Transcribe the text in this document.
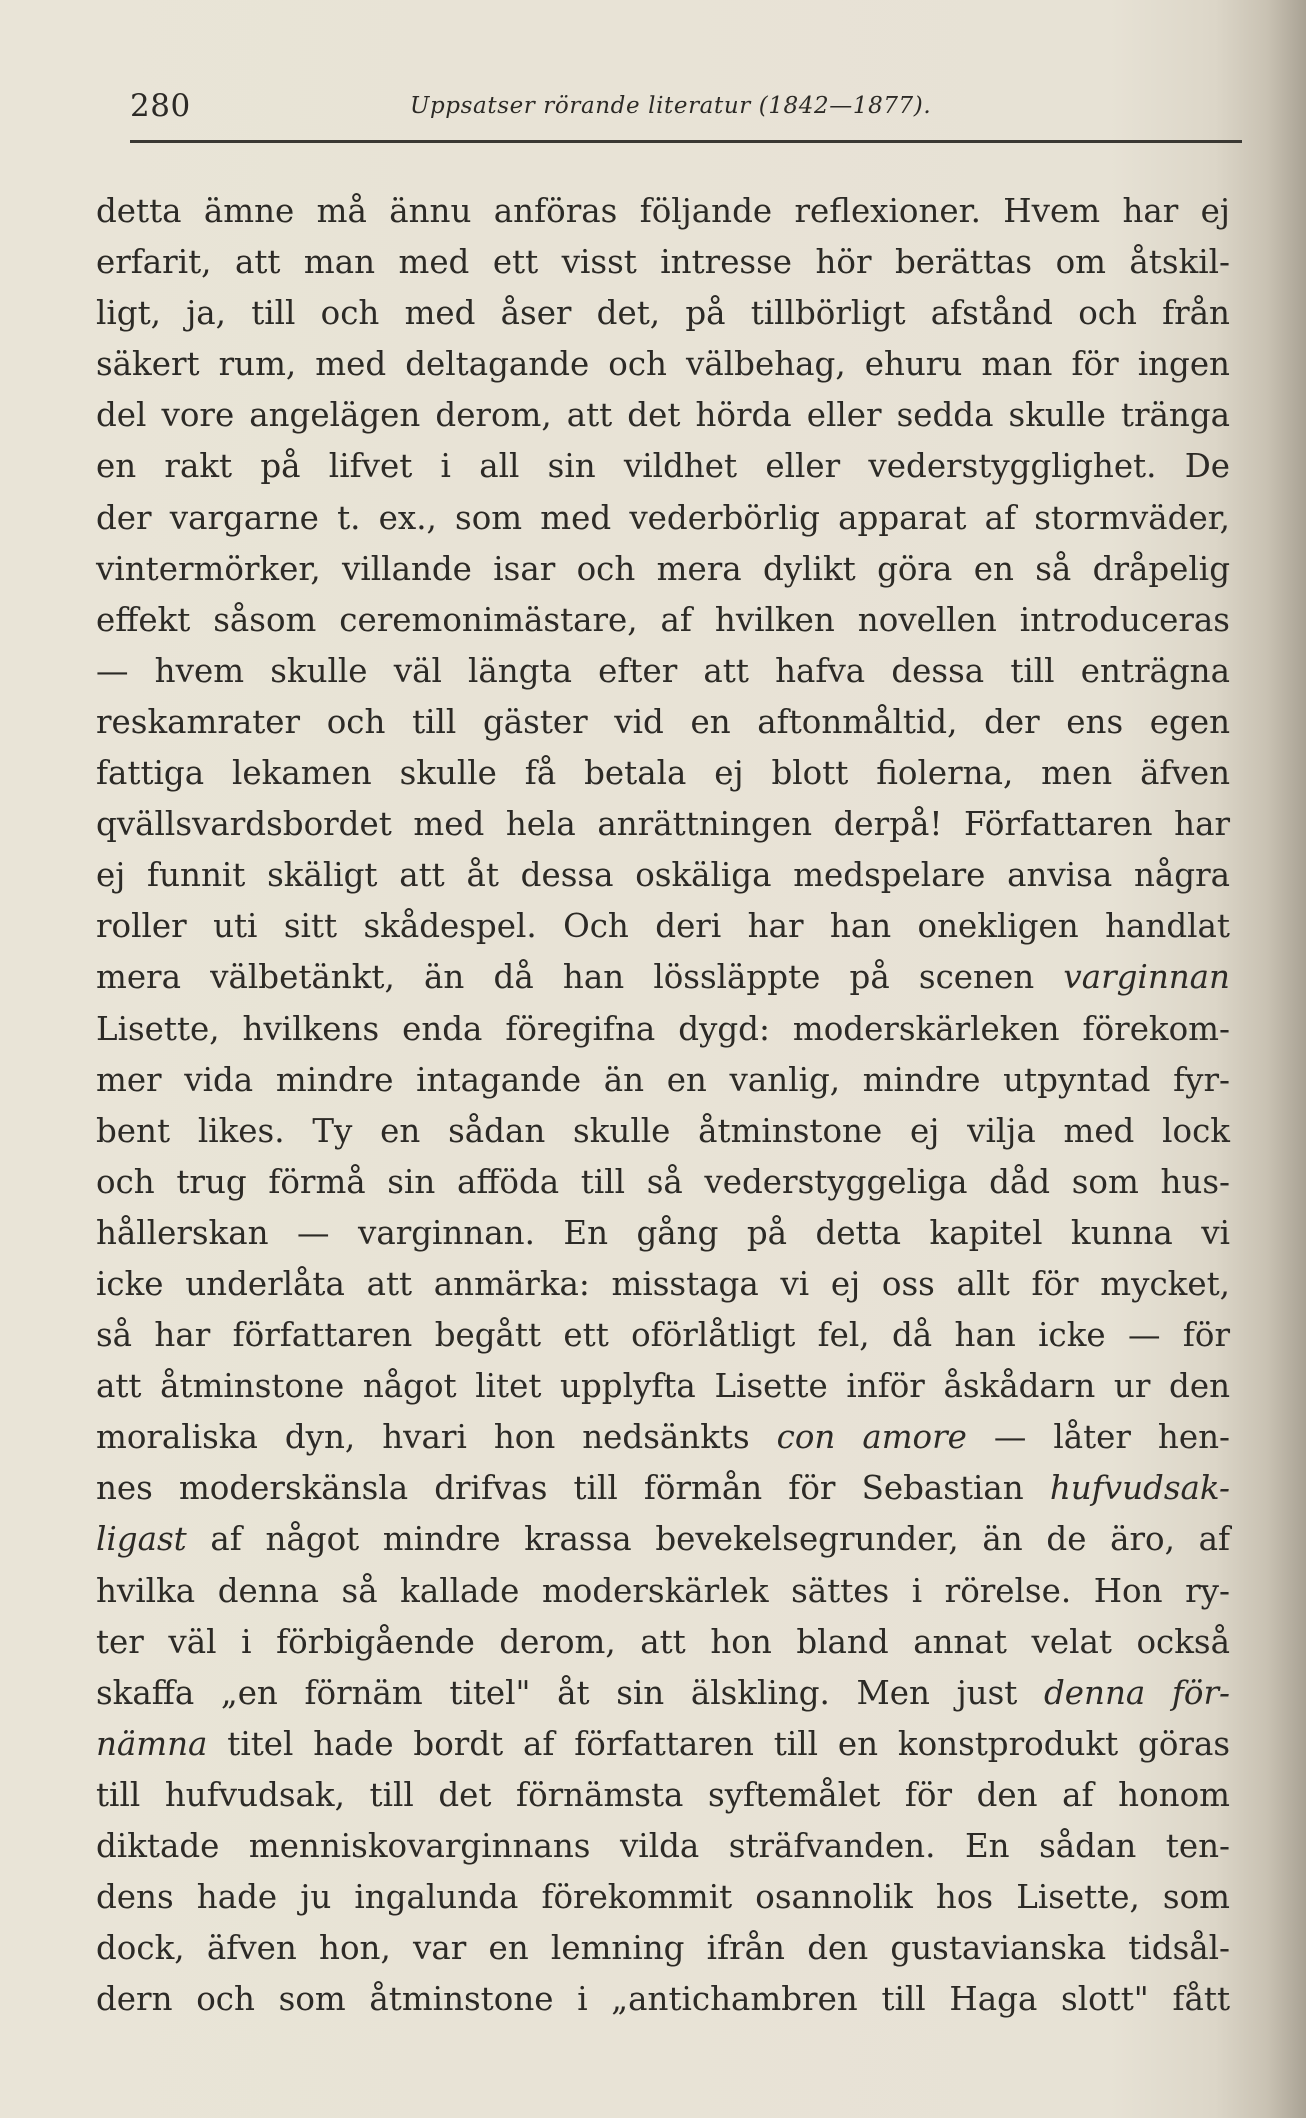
280	Uppsatser rörande literatur (1842—1877).
detta ämne må ännu anföras följande reflexioner. Hvem har ej
erfarit, att man med ett visst intresse hör berättas om åtskil-
ligt, ja, till och med åser det, på tillbörligt afstånd och från
säkert rum, med deltagande och välbehag, ehuru man för ingen
del vore angelägen derom, att det hörda eller sedda skulle tränga
en rakt på lifvet i all sin vildhet eller vederstygglighet. De
der vargarne t. ex., som med vederbörlig apparat af stormväder,
vintermörker, villande isar och mera dylikt göra en så dråpelig
effekt såsom ceremonimästare, af hvilken novellen introduceras
— hvem skulle väl längta efter att hafva dessa till enträgna
reskamrater och till gäster vid en aftonmåltid, der ens egen
fattiga lekamen skulle få betala ej blott fiolerna, men äfven
qvällsvardsbordet med hela anrättningen derpå! Författaren har
ej funnit skäligt att åt dessa oskäliga medspelare anvisa några
roller uti sitt skådespel. Och deri har han onekligen handlat
mera välbetänkt, än då han lössläppte på scenen varginnan
Lisette, hvilkens enda föregifna dygd: moderskärleken förekom-
mer vida mindre intagande än en vanlig, mindre utpyntad fyr-
bent likes. Ty en sådan skulle åtminstone ej vilja med lock
och trug förmå sin afföda till så vederstyggeliga dåd som hus-
hållerskan — varginnan. En gång på detta kapitel kunna vi
icke underlåta att anmärka: misstaga vi ej oss allt för mycket,
så har författaren begått ett oförlåtligt fel, då han icke — för
att åtminstone något litet upplyfta Lisette inför åskådarn ur den
moraliska dyn, hvari hon nedsänkts con amore — låter hen-
nes moderskänsla drifvas till förmån för Sebastian hufvudsak-
ligast af något mindre krassa bevekelsegrunder, än de äro, af
hvilka denna så kallade moderskärlek sättes i rörelse. Hon ry-
ter väl i förbigående derom, att hon bland annat velat också
skaffa „en förnäm titel" åt sin älskling. Men just denna för-
nämna titel hade bordt af författaren till en konstprodukt göras
till hufvudsak, till det förnämsta syftemålet för den af honom
diktade menniskovarginnans vilda sträfvanden. En sådan ten-
dens hade ju ingalunda förekommit osannolik hos Lisette, som
dock, äfven hon, var en lemning ifrån den gustavianska tidsål-
dern och som åtminstone i „antichambren till Haga slott" fått
